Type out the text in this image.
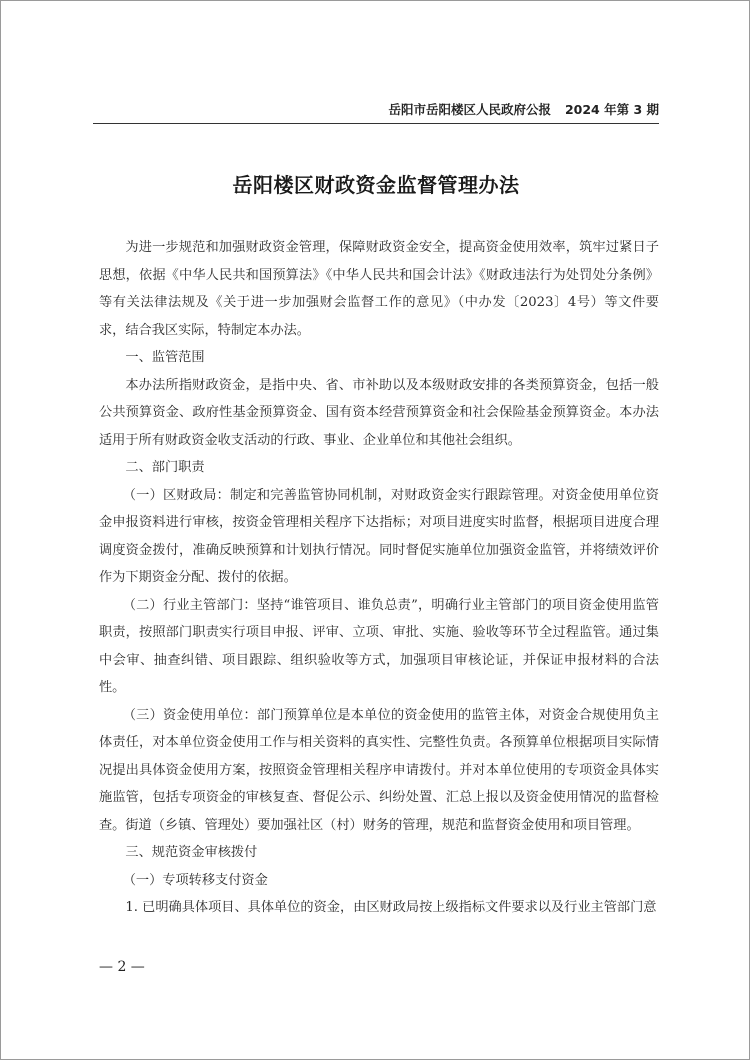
岳阳市岳阳楼区人民政府公报 2024 年第 3 期
岳阳楼区财政资金监督管理办法

为进一步规范和加强财政资金管理，保障财政资金安全，提高资金使用效率，筑牢过紧日子思想，依据《中华人民共和国预算法》《中华人民共和国会计法》《财政违法行为处罚处分条例》等有关法律法规及《关于进一步加强财会监督工作的意见》（中办发〔2023〕4号）等文件要求，结合我区实际，特制定本办法。

一、监管范围

本办法所指财政资金，是指中央、省、市补助以及本级财政安排的各类预算资金，包括一般公共预算资金、政府性基金预算资金、国有资本经营预算资金和社会保险基金预算资金。本办法适用于所有财政资金收支活动的行政、事业、企业单位和其他社会组织。

二、部门职责

（一）区财政局：制定和完善监管协同机制，对财政资金实行跟踪管理。对资金使用单位资金申报资料进行审核，按资金管理相关程序下达指标；对项目进度实时监督，根据项目进度合理调度资金拨付，准确反映预算和计划执行情况。同时督促实施单位加强资金监管，并将绩效评价作为下期资金分配、拨付的依据。

（二）行业主管部门：坚持“谁管项目、谁负总责”，明确行业主管部门的项目资金使用监管职责，按照部门职责实行项目申报、评审、立项、审批、实施、验收等环节全过程监管。通过集中会审、抽查纠错、项目跟踪、组织验收等方式，加强项目审核论证，并保证申报材料的合法性。

（三）资金使用单位：部门预算单位是本单位的资金使用的监管主体，对资金合规使用负主体责任，对本单位资金使用工作与相关资料的真实性、完整性负责。各预算单位根据项目实际情况提出具体资金使用方案，按照资金管理相关程序申请拨付。并对本单位使用的专项资金具体实施监管，包括专项资金的审核复查、督促公示、纠纷处置、汇总上报以及资金使用情况的监督检查。街道（乡镇、管理处）要加强社区（村）财务的管理，规范和监督资金使用和项目管理。

三、规范资金审核拨付

（一）专项转移支付资金

1. 已明确具体项目、具体单位的资金，由区财政局按上级指标文件要求以及行业主管部门意

— 2 —
